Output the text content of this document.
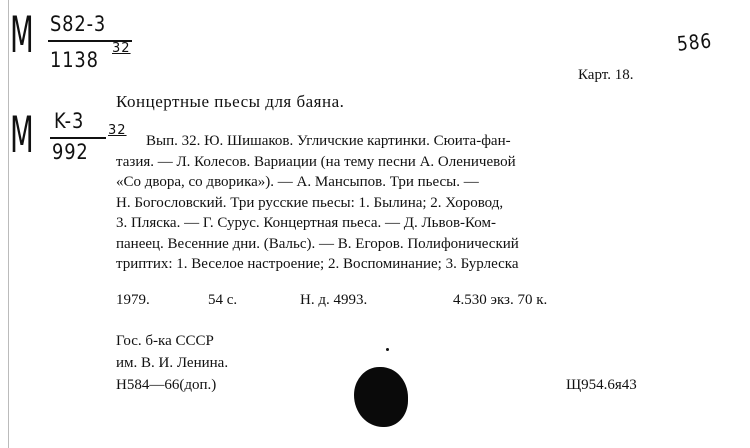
M S82-3
1138 32	586
Карт. 18.
Концертные пьесы для баяна.
M K-3
992
32
Вып. 32. Ю. Шишаков. Угличские картинки. Сюита-фан-
тазия. — Л. Колесов. Вариации (на тему песни А. Оленичевой
«Со двора, со дворика»). — А. Мансыпов. Три пьесы. —
Н. Богословский. Три русские пьесы: 1. Былина; 2. Хоровод,
3. Пляска. — Г. Сурус. Концертная пьеса. — Д. Львов-Ком-
панеец. Весенние дни. (Вальс). — В. Егоров. Полифонический
триптих: 1. Веселое настроение; 2. Воспоминание; 3. Бурлеска
1979.	54 с.	Н. д. 4993.	4.530 экз. 70 к.
Гос. б-ка СССР
им. В. И. Ленина.
Н584—66(доп.)	Щ954.6я43
